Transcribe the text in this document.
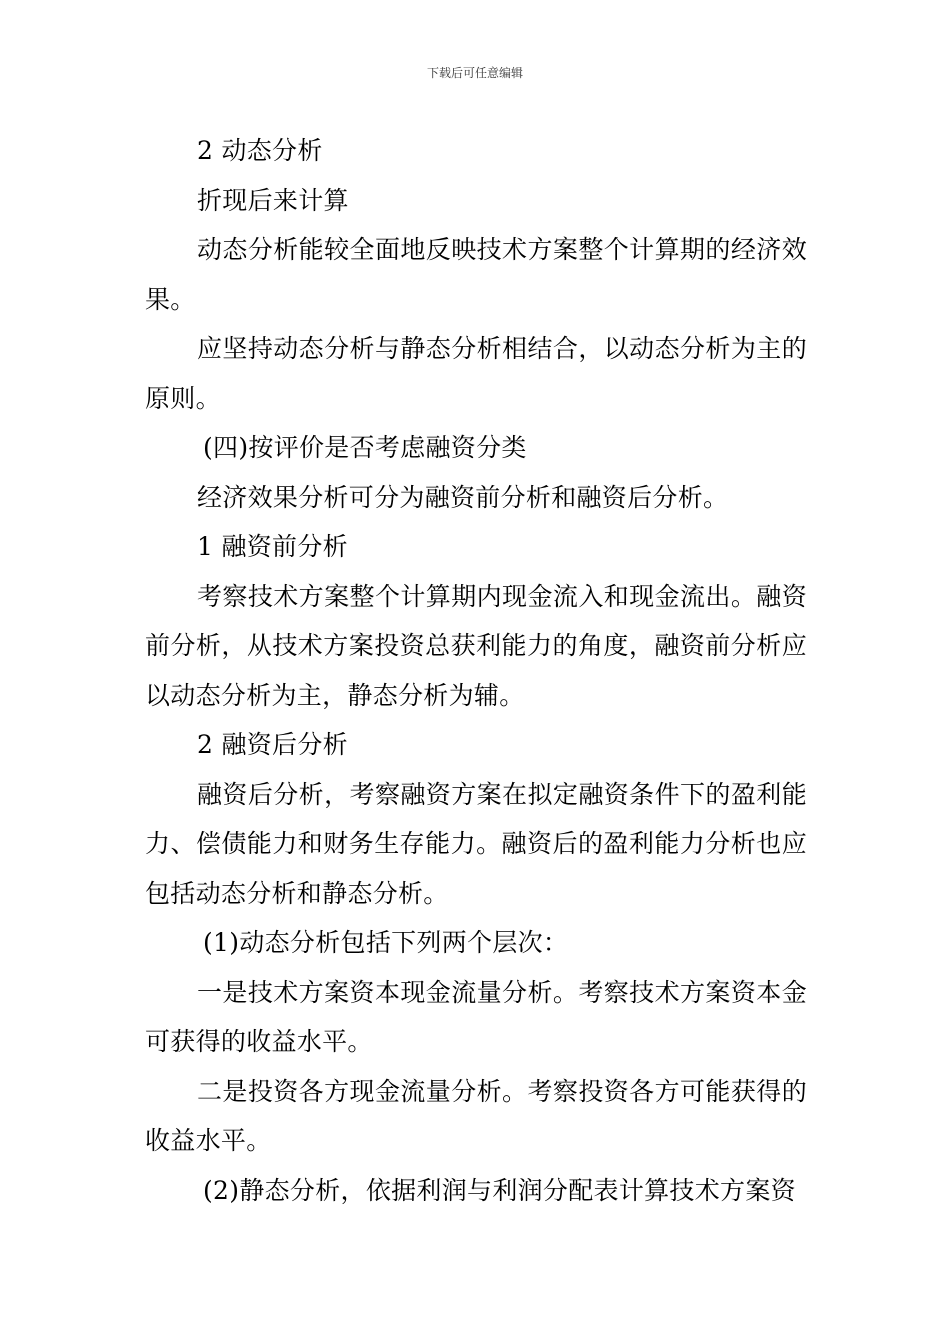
下载后可任意编辑

2 动态分析

折现后来计算

动态分析能较全面地反映技术方案整个计算期的经济效果。

应坚持动态分析与静态分析相结合，以动态分析为主的原则。

(四)按评价是否考虑融资分类

经济效果分析可分为融资前分析和融资后分析。

1 融资前分析

考察技术方案整个计算期内现金流入和现金流出。融资前分析，从技术方案投资总获利能力的角度，融资前分析应以动态分析为主，静态分析为辅。

2 融资后分析

融资后分析，考察融资方案在拟定融资条件下的盈利能力、偿债能力和财务生存能力。融资后的盈利能力分析也应包括动态分析和静态分析。

(1)动态分析包括下列两个层次：

一是技术方案资本现金流量分析。考察技术方案资本金可获得的收益水平。

二是投资各方现金流量分析。考察投资各方可能获得的收益水平。

(2)静态分析，依据利润与利润分配表计算技术方案资
